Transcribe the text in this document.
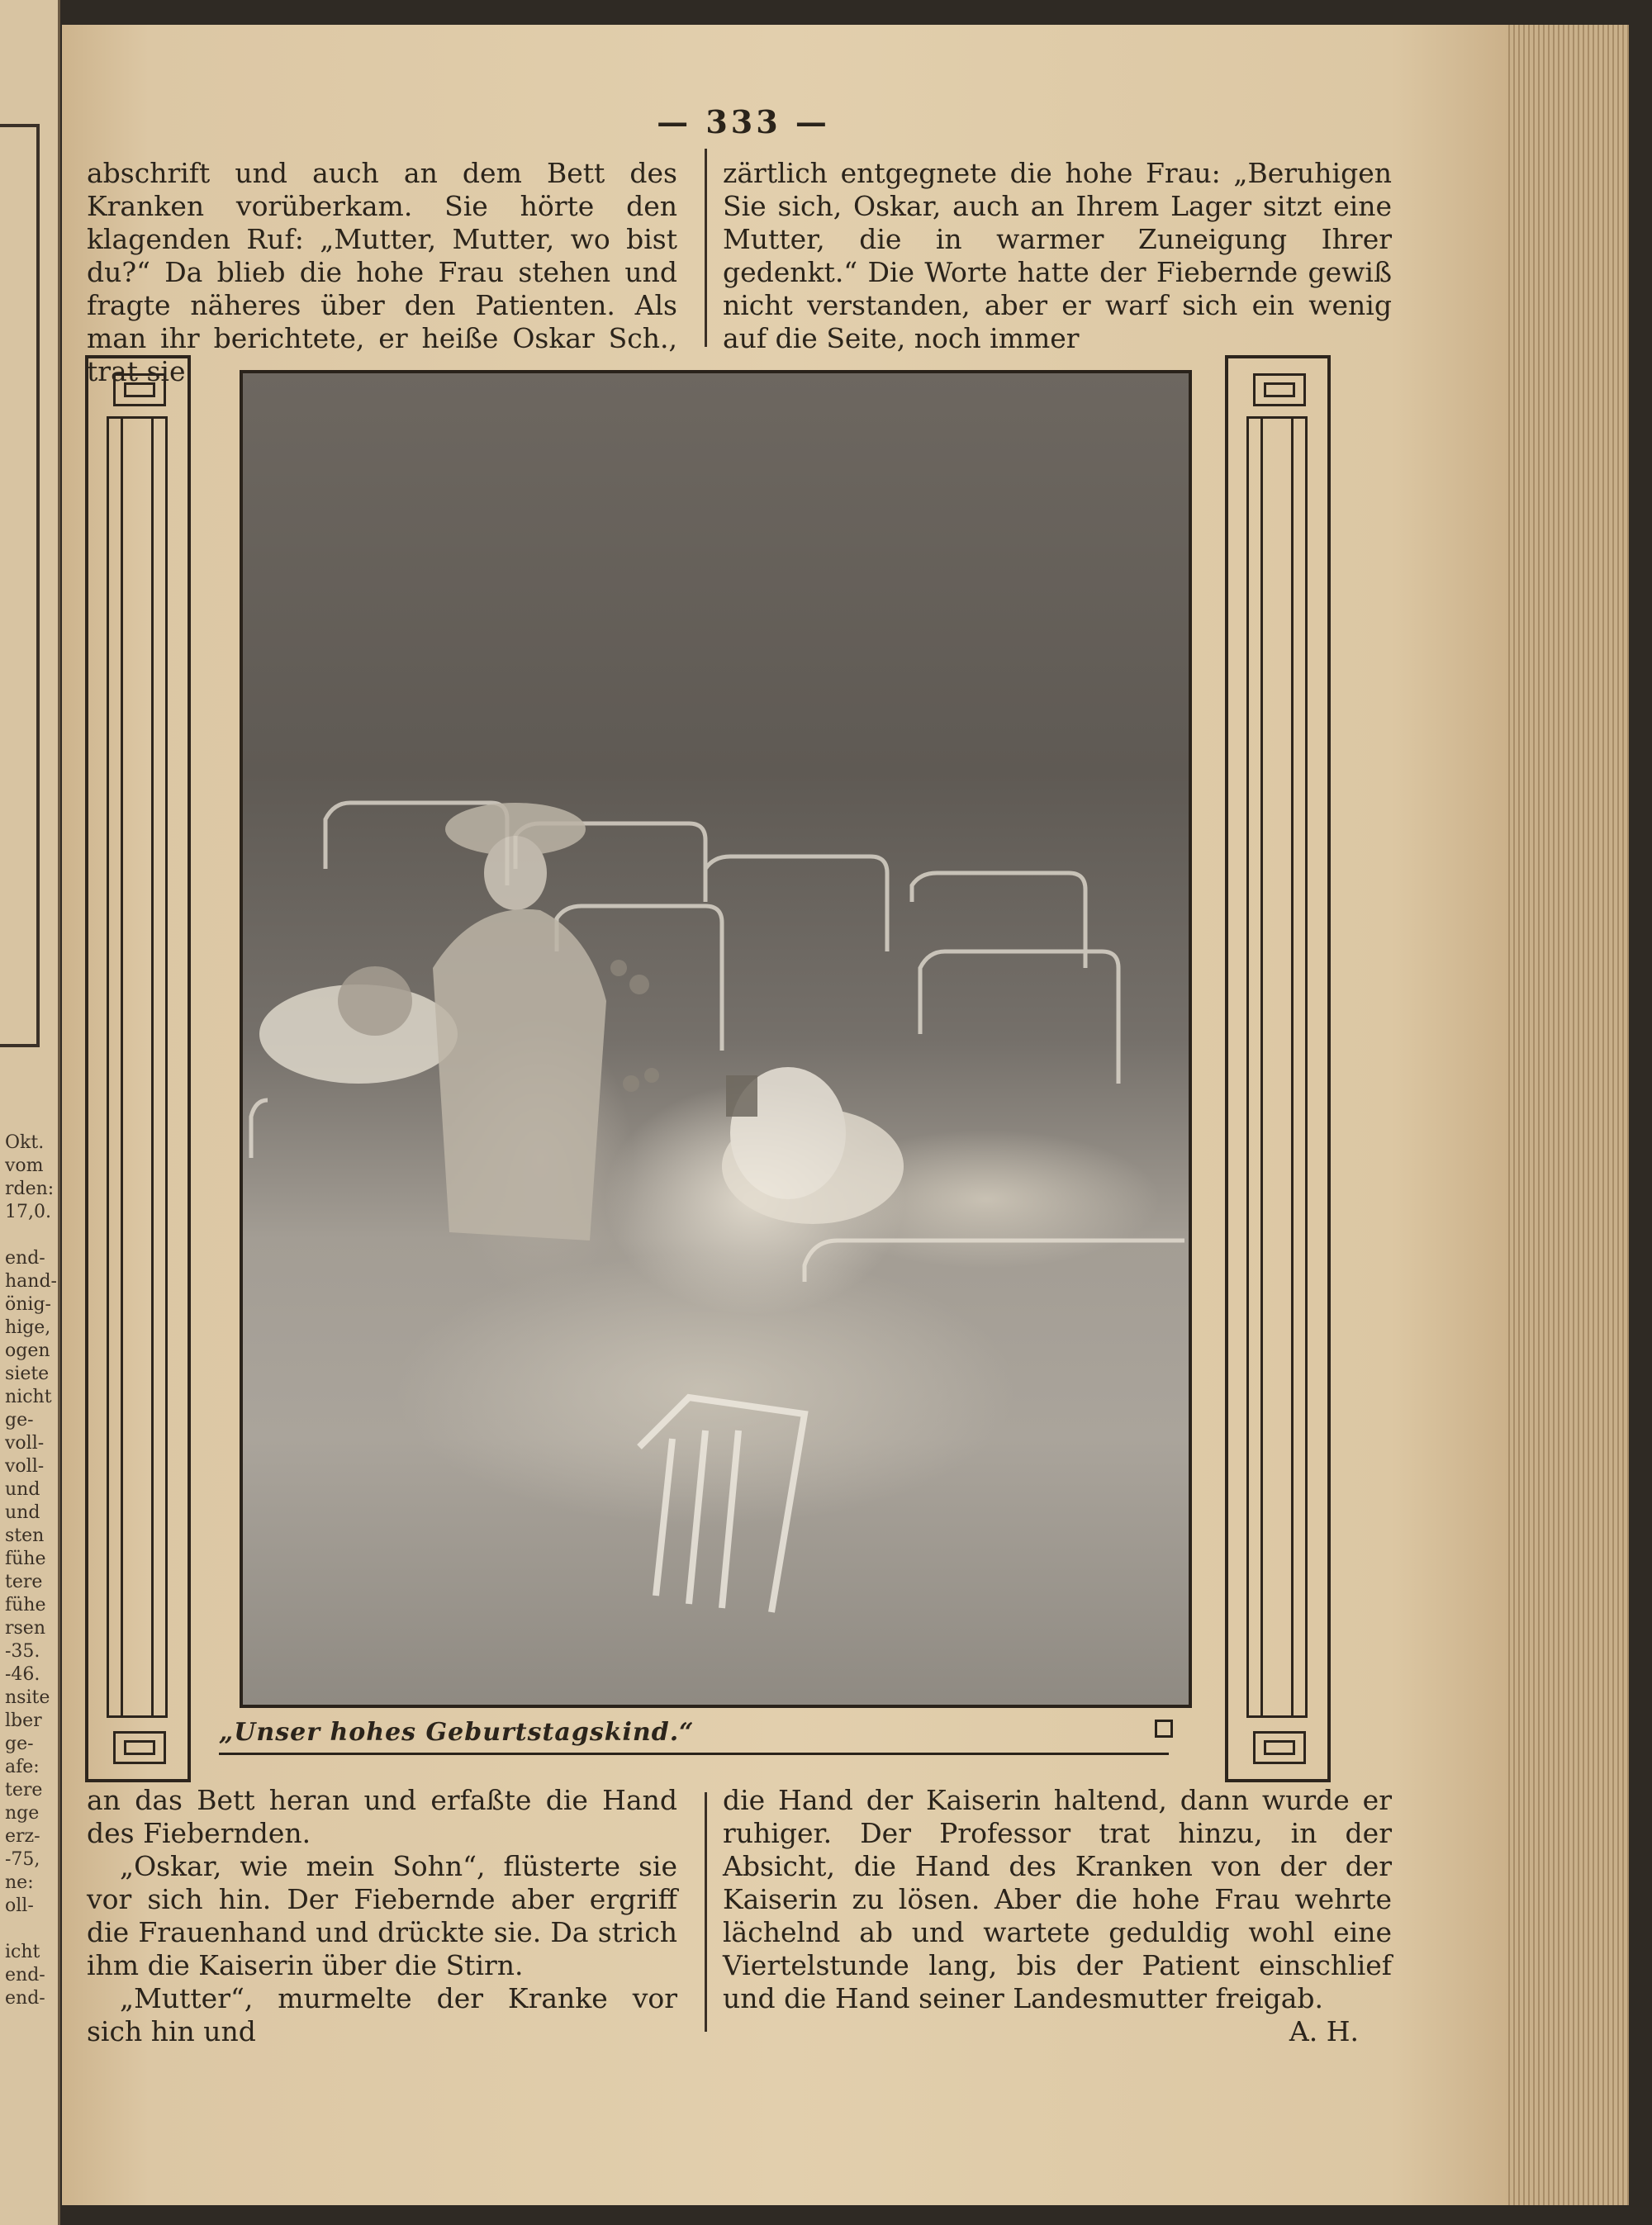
Okt.
vom
rden:
17,0.

end-
hand-
önig-
hige,
ogen
siete
nicht
ge-
voll-
voll-
und
und
sten
fühe
tere
fühe
rsen
-35.
-46.
nsite
lber
ge-
afe:
tere
nge
erz-
-75,
ne:
oll-

icht
end-
end-
— 333 —

abschrift und auch an dem Bett des Kranken vorüberkam. Sie hörte den klagenden Ruf: „Mutter, Mutter, wo bist du?“ Da blieb die hohe Frau stehen und fragte näheres über den Patienten. Als man ihr berichtete, er heiße Oskar Sch., trat sie

zärtlich entgegnete die hohe Frau: „Beruhigen Sie sich, Oskar, auch an Ihrem Lager sitzt eine Mutter, die in warmer Zuneigung Ihrer gedenkt.“ Die Worte hatte der Fiebernde gewiß nicht verstanden, aber er warf sich ein wenig auf die Seite, noch immer

„Unser hohes Geburtstagskind.“

an das Bett heran und erfaßte die Hand des Fiebernden.

„Oskar, wie mein Sohn“, flüsterte sie vor sich hin. Der Fiebernde aber ergriff die Frauenhand und drückte sie. Da strich ihm die Kaiserin über die Stirn.

„Mutter“, murmelte der Kranke vor sich hin und

die Hand der Kaiserin haltend, dann wurde er ruhiger. Der Professor trat hinzu, in der Absicht, die Hand des Kranken von der der Kaiserin zu lösen. Aber die hohe Frau wehrte lächelnd ab und wartete geduldig wohl eine Viertelstunde lang, bis der Patient einschlief und die Hand seiner Landesmutter freigab.

A. H.
